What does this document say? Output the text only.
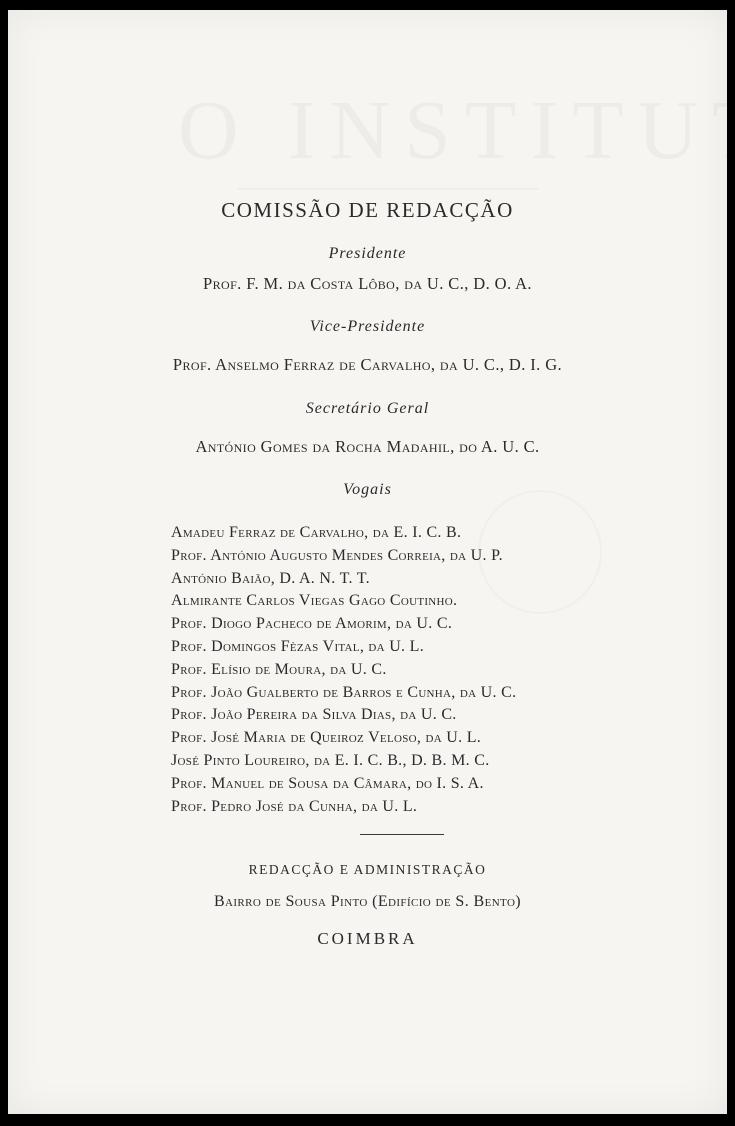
COMISSÃO DE REDACÇÃO
Presidente
Prof. F. M. da Costa Lôbo, da U. C., D. O. A.
Vice-Presidente
Prof. Anselmo Ferraz de Carvalho, da U. C., D. I. G.
Secretário Geral
António Gomes da Rocha Madahil, do A. U. C.
Vogais
Amadeu Ferraz de Carvalho, da E. I. C. B.
Prof. António Augusto Mendes Correia, da U. P.
António Baião, D. A. N. T. T.
Almirante Carlos Viegas Gago Coutinho.
Prof. Diogo Pacheco de Amorim, da U. C.
Prof. Domingos Fèzas Vital, da U. L.
Prof. Elísio de Moura, da U. C.
Prof. João Gualberto de Barros e Cunha, da U. C.
Prof. João Pereira da Silva Dias, da U. C.
Prof. José Maria de Queiroz Veloso, da U. L.
José Pinto Loureiro, da E. I. C. B., D. B. M. C.
Prof. Manuel de Sousa da Câmara, do I. S. A.
Prof. Pedro José da Cunha, da U. L.
REDACÇÃO E ADMINISTRAÇÃO
Bairro de Sousa Pinto (Edifício de S. Bento)
COIMBRA
